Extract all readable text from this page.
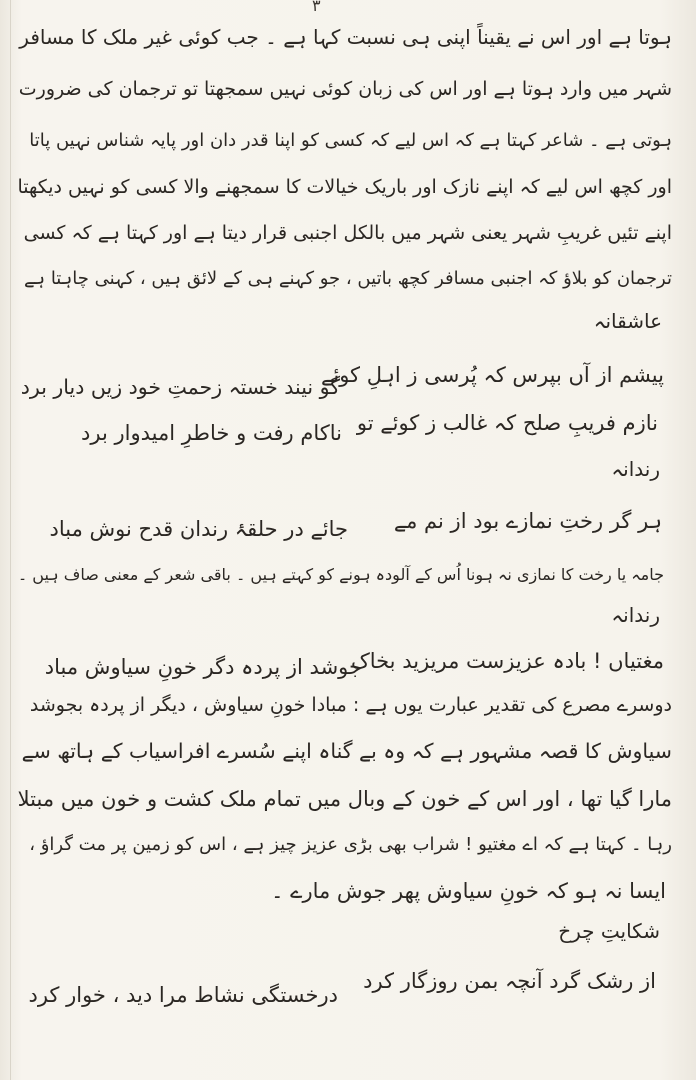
٣
ہوتا ہے اور اس نے یقیناً اپنی ہی نسبت کہا ہے ۔ جب کوئی غیر ملک کا مسافر
شہر میں وارد ہوتا ہے اور اس کی زبان کوئی نہیں سمجھتا تو ترجمان کی ضرورت
ہوتی ہے ۔ شاعر کہتا ہے کہ اس لیے کہ کسی کو اپنا قدر دان اور پایہ شناس نہیں پاتا
اور کچھ اس لیے کہ اپنے نازک اور باریک خیالات کا سمجھنے والا کسی کو نہیں دیکھتا
اپنے تئیں غریبِ شہر یعنی شہر میں بالکل اجنبی قرار دیتا ہے اور کہتا ہے کہ کسی
ترجمان کو بلاؤ کہ اجنبی مسافر کچھ باتیں ، جو کہنے ہی کے لائق ہیں ، کہنی چاہتا ہے
عاشقانہ
پیشم از آں بپرس کہ پُرسی ز اہلِ کوئے
گو نیند خستہ زحمتِ خود زیں دیار برد
نازم فریبِ صلح کہ غالب ز کوئے تو
ناکام رفت و خاطرِ امیدوار برد
رندانہ
ہر گر رختِ نمازے بود از نم مے
جائے در حلقۂ رندان قدح نوش مباد
جامہ یا رخت کا نمازی نہ ہونا اُس کے آلودہ ہونے کو کہتے ہیں ۔ باقی شعر کے معنی صاف ہیں ۔
رندانہ
مغتیاں ! بادہ عزیزست مریزید بخاک
جوشد از پردہ دگر خونِ سیاوش مباد
دوسرے مصرع کی تقدیر عبارت یوں ہے : مبادا خونِ سیاوش ، دیگر از پردہ بجوشد
سیاوش کا قصہ مشہور ہے کہ وہ بے گناہ اپنے سُسرے افراسیاب کے ہاتھ سے
مارا گیا تھا ، اور اس کے خون کے وبال میں تمام ملک کشت و خون میں مبتلا
رہا ۔ کہتا ہے کہ اے مغتیو ! شراب بھی بڑی عزیز چیز ہے ، اس کو زمین پر مت گراؤ ،
ایسا نہ ہو کہ خونِ سیاوش پھر جوش مارے ۔
شکایتِ چرخ
از رشک گرد آنچہ بمن روزگار کرد
درخستگی نشاط مرا دید ، خوار کرد
